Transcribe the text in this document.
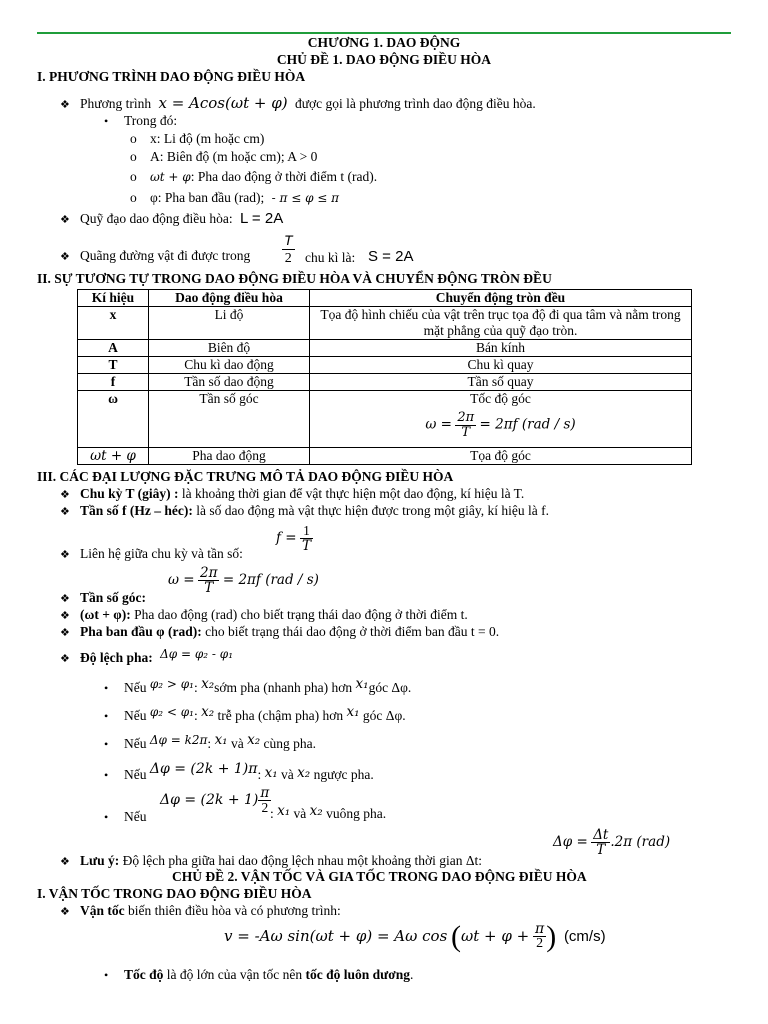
CHƯƠNG 1. DAO ĐỘNG
CHỦ ĐỀ 1. DAO ĐỘNG ĐIỀU HÒA
I. PHƯƠNG TRÌNH DAO ĐỘNG ĐIỀU HÒA
❖ Phương trình x = Acos(ωt + φ) được gọi là phương trình dao động điều hòa.
• Trong đó:
o x: Li độ (m hoặc cm)
o A: Biên độ (m hoặc cm); A > 0
o ωt + φ: Pha dao động ở thời điểm t (rad).
o φ: Pha ban đầu (rad); - π ≤ φ ≤ π
❖ Quỹ đạo dao động điều hòa: L = 2A
❖ Quãng đường vật đi được trong
T
2 chu kì là: S = 2A
II. SỰ TƯƠNG TỰ TRONG DAO ĐỘNG ĐIỀU HÒA VÀ CHUYỂN ĐỘNG TRÒN ĐỀU
Kí hiệu	Dao động điều hòa	Chuyển động tròn đều
x	Li độ	Tọa độ hình chiếu của vật trên trục tọa độ đi qua tâm và nằm trong mặt phẳng của quỹ đạo tròn.
A	Biên độ	Bán kính
T	Chu kì dao động	Chu kì quay
f	Tần số dao động	Tần số quay
ω	Tần số góc	Tốc độ góc
$\omega = \frac{2\pi}{T} = 2\pi f$ (rad / s)

ωt + φ	Pha dao động	Tọa độ góc
III. CÁC ĐẠI LƯỢNG ĐẶC TRƯNG MÔ TẢ DAO ĐỘNG ĐIỀU HÒA
❖ Chu kỳ T (giây) : là khoảng thời gian để vật thực hiện một dao động, kí hiệu là T.
❖ Tần số f (Hz – héc): là số dao động mà vật thực hiện được trong một giây, kí hiệu là f.
❖ Liên hệ giữa chu kỳ và tần số:
$f = \frac{1}{T}$
$\omega = \frac{2\pi}{T} = 2\pi f$ (rad / s)
❖ Tần số góc:
❖ (ωt + φ): Pha dao động (rad) cho biết trạng thái dao động ở thời điểm t.
❖ Pha ban đầu φ (rad): cho biết trạng thái dao động ở thời điểm ban đầu t = 0.
❖ Độ lệch pha: Δφ = φ₂ - φ₁
• Nếu φ₂ > φ₁: x₂sớm pha (nhanh pha) hơn x₁góc Δφ.
• Nếu φ₂ < φ₁: x₂ trễ pha (chậm pha) hơn x₁ góc Δφ.
• Nếu Δφ = k2π: x₁ và x₂ cùng pha.
• Nếu Δφ = (2k + 1)π: x₁ và x₂ ngược pha.
• Nếu
$\Delta\varphi = (2k + 1) \frac{\pi}{2}$
: x₁ và x₂ vuông pha.
❖ Lưu ý: Độ lệch pha giữa hai dao động lệch nhau một khoảng thời gian Δt:
$\Delta\varphi = \frac{\Delta t}{T} .2\pi$ (rad)
CHỦ ĐỀ 2. VẬN TỐC VÀ GIA TỐC TRONG DAO ĐỘNG ĐIỀU HÒA
I. VẬN TỐC TRONG DAO ĐỘNG ĐIỀU HÒA
❖ Vận tốc biến thiên điều hòa và có phương trình:
v = -Aω sin(ωt + φ) = Aω $\cos (\omega t + \varphi + \frac{\pi}{2}$ ) (cm/s)
• Tốc độ là độ lớn của vận tốc nên tốc độ luôn dương.
